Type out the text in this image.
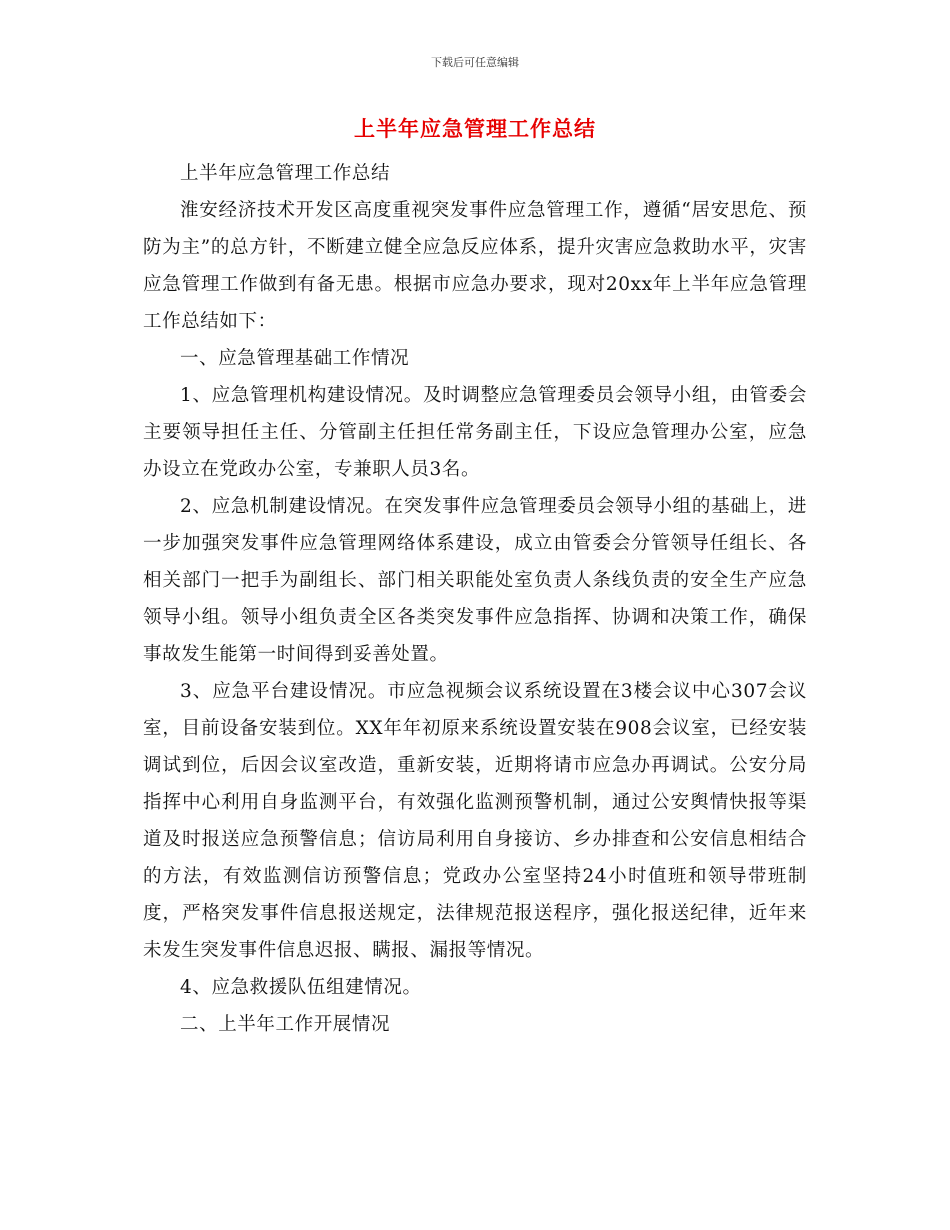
下载后可任意编辑
上半年应急管理工作总结

上半年应急管理工作总结

淮安经济技术开发区高度重视突发事件应急管理工作，遵循“居安思危、预防为主”的总方针，不断建立健全应急反应体系，提升灾害应急救助水平，灾害应急管理工作做到有备无患。根据市应急办要求，现对20xx年上半年应急管理工作总结如下：

一、应急管理基础工作情况

1、应急管理机构建设情况。及时调整应急管理委员会领导小组，由管委会主要领导担任主任、分管副主任担任常务副主任，下设应急管理办公室，应急办设立在党政办公室，专兼职人员3名。

2、应急机制建设情况。在突发事件应急管理委员会领导小组的基础上，进一步加强突发事件应急管理网络体系建设，成立由管委会分管领导任组长、各相关部门一把手为副组长、部门相关职能处室负责人条线负责的安全生产应急领导小组。领导小组负责全区各类突发事件应急指挥、协调和决策工作，确保事故发生能第一时间得到妥善处置。

3、应急平台建设情况。市应急视频会议系统设置在3楼会议中心307会议室，目前设备安装到位。XX年年初原来系统设置安装在908会议室，已经安装调试到位，后因会议室改造，重新安装，近期将请市应急办再调试。公安分局指挥中心利用自身监测平台，有效强化监测预警机制，通过公安舆情快报等渠道及时报送应急预警信息；信访局利用自身接访、乡办排查和公安信息相结合的方法，有效监测信访预警信息；党政办公室坚持24小时值班和领导带班制度，严格突发事件信息报送规定，法律规范报送程序，强化报送纪律，近年来未发生突发事件信息迟报、瞒报、漏报等情况。

4、应急救援队伍组建情况。

二、上半年工作开展情况
